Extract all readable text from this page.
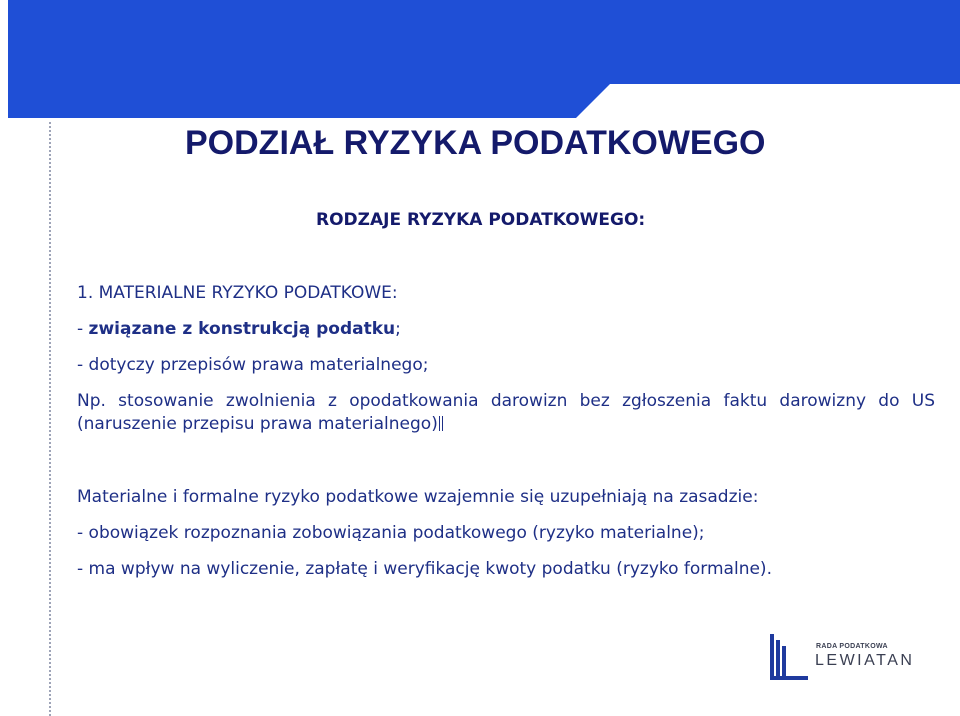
PODZIAŁ RYZYKA PODATKOWEGO
RODZAJE RYZYKA PODATKOWEGO:
1. MATERIALNE RYZYKO PODATKOWE:
- związane z konstrukcją podatku;
- dotyczy przepisów prawa materialnego;
Np. stosowanie zwolnienia z opodatkowania darowizn bez zgłoszenia faktu darowizny do US (naruszenie przepisu prawa materialnego)
Materialne i formalne ryzyko podatkowe wzajemnie się uzupełniają na zasadzie:
- obowiązek rozpoznania zobowiązania podatkowego (ryzyko materialne);
- ma wpływ na wyliczenie, zapłatę i weryfikację kwoty podatku (ryzyko formalne).
RADA PODATKOWA
LEWIATAN
